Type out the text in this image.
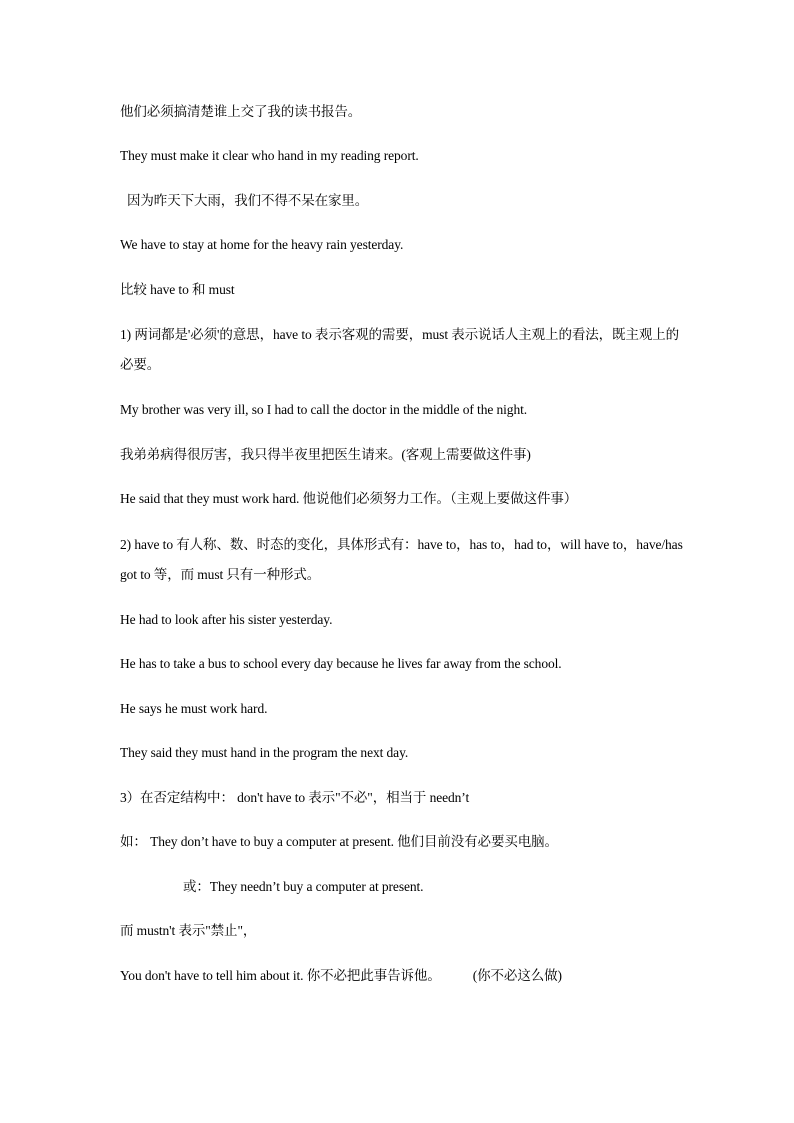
他们必须搞清楚谁上交了我的读书报告。
They must make it clear who hand in my reading report.
因为昨天下大雨，我们不得不呆在家里。
We have to stay at home for the heavy rain yesterday.
比较 have to 和 must
1) 两词都是'必须'的意思，have to 表示客观的需要，must 表示说话人主观上的看法，既主观上的必要。
My brother was very ill, so I had to call the doctor in the middle of the night.
我弟弟病得很厉害，我只得半夜里把医生请来。(客观上需要做这件事)
He said that they must work hard. 他说他们必须努力工作。（主观上要做这件事）
2) have to 有人称、数、时态的变化，具体形式有：have to，has to，had to，will have to，have/has got to 等，而 must 只有一种形式。
He had to look after his sister yesterday.
He has to take a bus to school every day because he lives far away from the school.
He says he must work hard.
They said they must hand in the program the next day.
3）在否定结构中： don't have to 表示"不必"，相当于 needn’t
如： They don’t have to buy a computer at present. 他们目前没有必要买电脑。
或：They needn’t buy a computer at present.
而 mustn't 表示"禁止"，
You don't have to tell him about it. 你不必把此事告诉他。 (你不必这么做)
